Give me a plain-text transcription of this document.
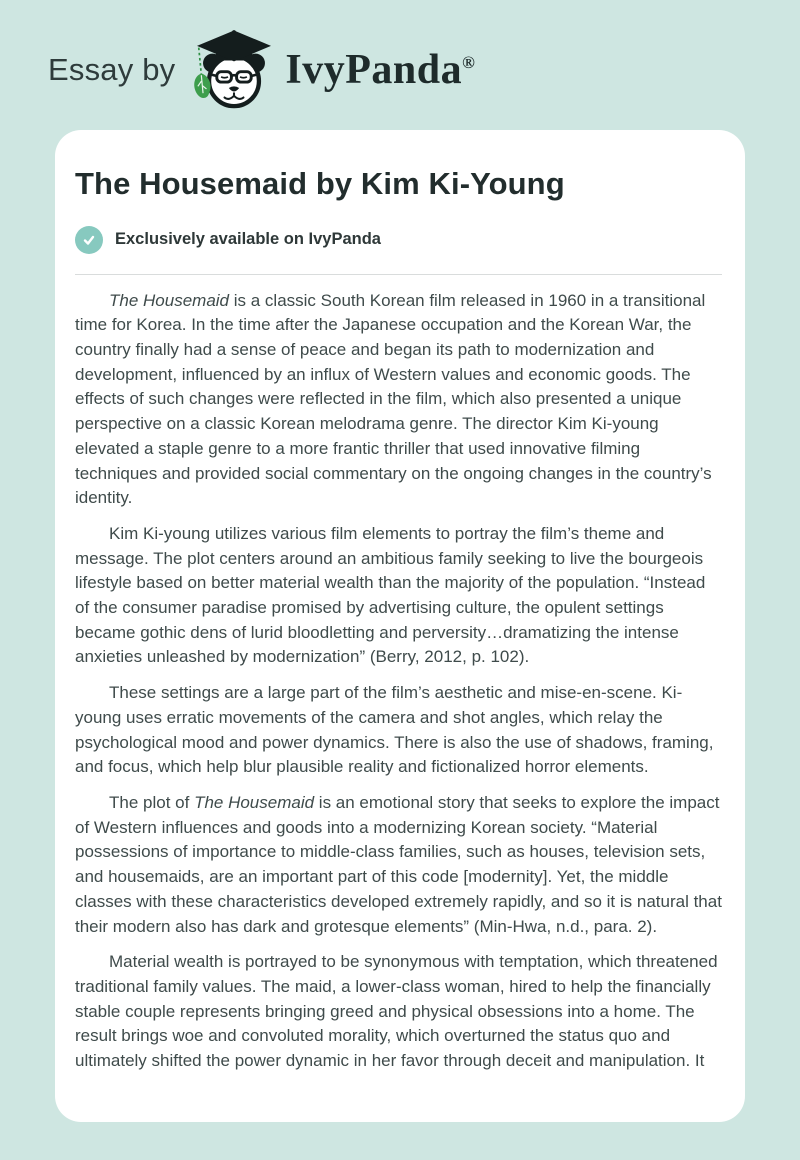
Essay by	IvyPanda®
The Housemaid by Kim Ki-Young
Exclusively available on IvyPanda

The Housemaid is a classic South Korean film released in 1960 in a transitional time for Korea. In the time after the Japanese occupation and the Korean War, the country finally had a sense of peace and began its path to modernization and development, influenced by an influx of Western values and economic goods. The effects of such changes were reflected in the film, which also presented a unique perspective on a classic Korean melodrama genre. The director Kim Ki-young elevated a staple genre to a more frantic thriller that used innovative filming techniques and provided social commentary on the ongoing changes in the country’s identity.

Kim Ki-young utilizes various film elements to portray the film’s theme and message. The plot centers around an ambitious family seeking to live the bourgeois lifestyle based on better material wealth than the majority of the population. “Instead of the consumer paradise promised by advertising culture, the opulent settings became gothic dens of lurid bloodletting and perversity…dramatizing the intense anxieties unleashed by modernization” (Berry, 2012, p. 102).

These settings are a large part of the film’s aesthetic and mise-en-scene. Ki-young uses erratic movements of the camera and shot angles, which relay the psychological mood and power dynamics. There is also the use of shadows, framing, and focus, which help blur plausible reality and fictionalized horror elements.

The plot of The Housemaid is an emotional story that seeks to explore the impact of Western influences and goods into a modernizing Korean society. “Material possessions of importance to middle-class families, such as houses, television sets, and housemaids, are an important part of this code [modernity]. Yet, the middle classes with these characteristics developed extremely rapidly, and so it is natural that their modern also has dark and grotesque elements” (Min-Hwa, n.d., para. 2).

Material wealth is portrayed to be synonymous with temptation, which threatened traditional family values. The maid, a lower-class woman, hired to help the financially stable couple represents bringing greed and physical obsessions into a home. The result brings woe and convoluted morality, which overturned the status quo and ultimately shifted the power dynamic in her favor through deceit and manipulation. It
